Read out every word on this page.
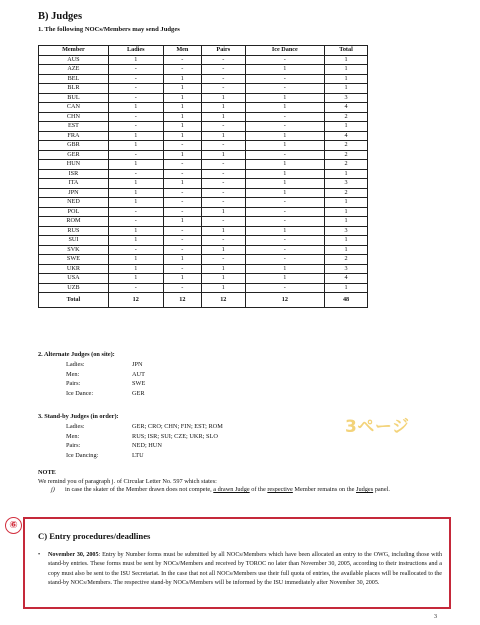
B) Judges
1. The following NOCs/Members may send Judges
Member	Ladies	Men	Pairs	Ice Dance	Total
AUS	1	-	-	-	1
AZE	-	-	-	1	1
BEL	-	1	-	-	1
BLR	-	1	-	-	1
BUL	-	1	1	1	3
CAN	1	1	1	1	4
CHN	-	1	1	-	2
EST	-	1	-	-	1
FRA	1	1	1	1	4
GBR	1	-	-	1	2
GER	-	1	1	-	2
HUN	1	-	-	1	2
ISR	-	-	-	1	1
ITA	1	1	-	1	3
JPN	1	-	-	1	2
NED	1	-	-	-	1
POL	-	-	1	-	1
ROM	-	1	-	-	1
RUS	1	-	1	1	3
SUI	1	-	-	-	1
SVK	-	-	1	-	1
SWE	1	1	-	-	2
UKR	1	-	1	1	3
USA	1	1	1	1	4
UZB	-	-	1	-	1
Total	12	12	12	12	48
2. Alternate Judges (on site):
Ladies:	JPN
Men:	AUT
Pairs:	SWE
Ice Dance:	GER
3. Stand-by Judges (in order):
Ladies:	GER; CRO; CHN; FIN; EST; ROM
Men:	RUS; ISR; SUI; CZE; UKR; SLO
Pairs:	NED; HUN
Ice Dancing:	LTU
NOTE
We remind you of paragraph j. of Circular Letter No. 597 which states:
j)	in case the skater of the Member drawn does not compete, a drawn Judge of the respective Member remains on the Judges panel.
3ページ
⑥
C) Entry procedures/deadlines
•	November 30, 2005: Entry by Number forms must be submitted by all NOCs/Members which have been allocated an entry to the OWG, including those with stand-by entries. These forms must be sent by NOCs/Members and received by TOROC no later than November 30, 2005, according to their instructions and a copy must also be sent to the ISU Secretariat. In the case that not all NOCs/Members use their full quota of entries, the available places will be reallocated to the stand-by NOCs/Members. The respective stand-by NOCs/Members will be informed by the ISU immediately after November 30, 2005.
3
